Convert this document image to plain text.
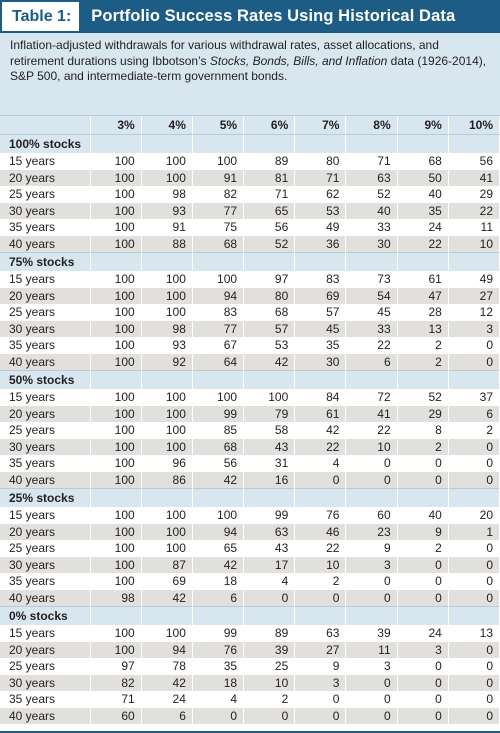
Table 1:	Portfolio Success Rates Using Historical Data
Inflation-adjusted withdrawals for various withdrawal rates, asset allocations, and retirement durations using Ibbotson’s Stocks, Bonds, Bills, and Inflation data (1926-2014), S&P 500, and intermediate-term government bonds.
	3%	4%	5%	6%	7%	8%	9%	10%
100% stocks								
15 years	100	100	100	89	80	71	68	56
20 years	100	100	91	81	71	63	50	41
25 years	100	98	82	71	62	52	40	29
30 years	100	93	77	65	53	40	35	22
35 years	100	91	75	56	49	33	24	11
40 years	100	88	68	52	36	30	22	10
75% stocks								
15 years	100	100	100	97	83	73	61	49
20 years	100	100	94	80	69	54	47	27
25 years	100	100	83	68	57	45	28	12
30 years	100	98	77	57	45	33	13	3
35 years	100	93	67	53	35	22	2	0
40 years	100	92	64	42	30	6	2	0
50% stocks								
15 years	100	100	100	100	84	72	52	37
20 years	100	100	99	79	61	41	29	6
25 years	100	100	85	58	42	22	8	2
30 years	100	100	68	43	22	10	2	0
35 years	100	96	56	31	4	0	0	0
40 years	100	86	42	16	0	0	0	0
25% stocks								
15 years	100	100	100	99	76	60	40	20
20 years	100	100	94	63	46	23	9	1
25 years	100	100	65	43	22	9	2	0
30 years	100	87	42	17	10	3	0	0
35 years	100	69	18	4	2	0	0	0
40 years	98	42	6	0	0	0	0	0
0% stocks								
15 years	100	100	99	89	63	39	24	13
20 years	100	94	76	39	27	11	3	0
25 years	97	78	35	25	9	3	0	0
30 years	82	42	18	10	3	0	0	0
35 years	71	24	4	2	0	0	0	0
40 years	60	6	0	0	0	0	0	0
